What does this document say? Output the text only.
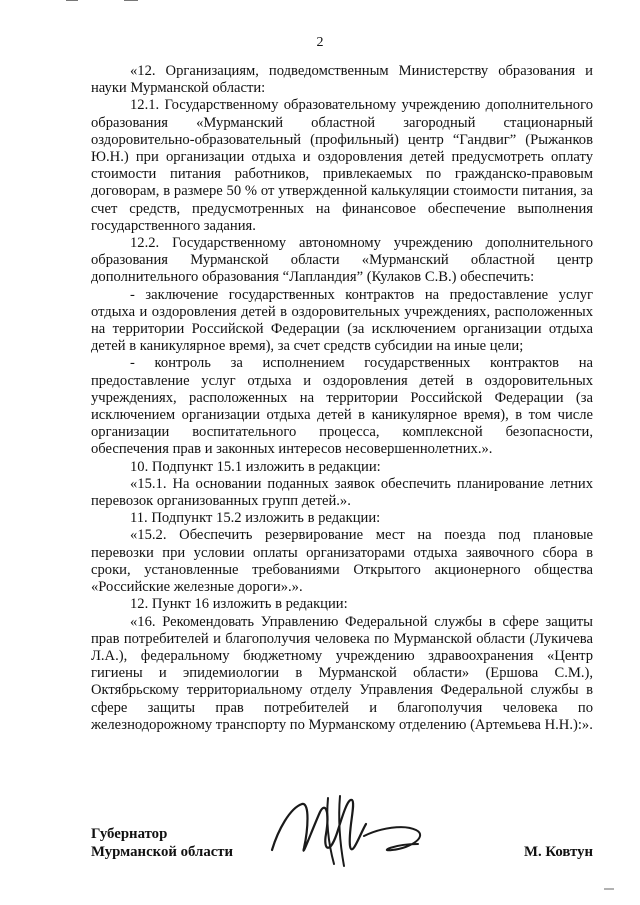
2

«12. Организациям, подведомственным Министерству образования и науки Мурманской области:

12.1. Государственному образовательному учреждению дополнительного образования «Мурманский областной загородный стационарный оздоровительно-образовательный (профильный) центр “Гандвиг” (Рыжанков Ю.Н.) при организации отдыха и оздоровления детей предусмотреть оплату стоимости питания работников, привлекаемых по гражданско-правовым договорам, в размере 50 % от утвержденной калькуляции стоимости питания, за счет средств, предусмотренных на финансовое обеспечение выполнения государственного задания.

12.2. Государственному автономному учреждению дополнительного образования Мурманской области «Мурманский областной центр дополнительного образования “Лапландия” (Кулаков С.В.) обеспечить:

- заключение государственных контрактов на предоставление услуг отдыха и оздоровления детей в оздоровительных учреждениях, расположенных на территории Российской Федерации (за исключением организации отдыха детей в каникулярное время), за счет средств субсидии на иные цели;

- контроль за исполнением государственных контрактов на предоставление услуг отдыха и оздоровления детей в оздоровительных учреждениях, расположенных на территории Российской Федерации (за исключением организации отдыха детей в каникулярное время), в том числе организации воспитательного процесса, комплексной безопасности, обеспечения прав и законных интересов несовершеннолетних.».

10. Подпункт 15.1 изложить в редакции:

«15.1. На основании поданных заявок обеспечить планирование летних перевозок организованных групп детей.».

11. Подпункт 15.2 изложить в редакции:

«15.2. Обеспечить резервирование мест на поезда под плановые перевозки при условии оплаты организаторами отдыха заявочного сбора в сроки, установленные требованиями Открытого акционерного общества «Российские железные дороги».».

12. Пункт 16 изложить в редакции:

«16. Рекомендовать Управлению Федеральной службы в сфере защиты прав потребителей и благополучия человека по Мурманской области (Лукичева Л.А.), федеральному бюджетному учреждению здравоохранения «Центр гигиены и эпидемиологии в Мурманской области» (Ершова С.М.), Октябрьскому территориальному отделу Управления Федеральной службы в сфере защиты прав потребителей и благополучия человека по железнодорожному транспорту по Мурманскому отделению (Артемьева Н.Н.):».

Губернатор
Мурманской области	М. Ковтун
